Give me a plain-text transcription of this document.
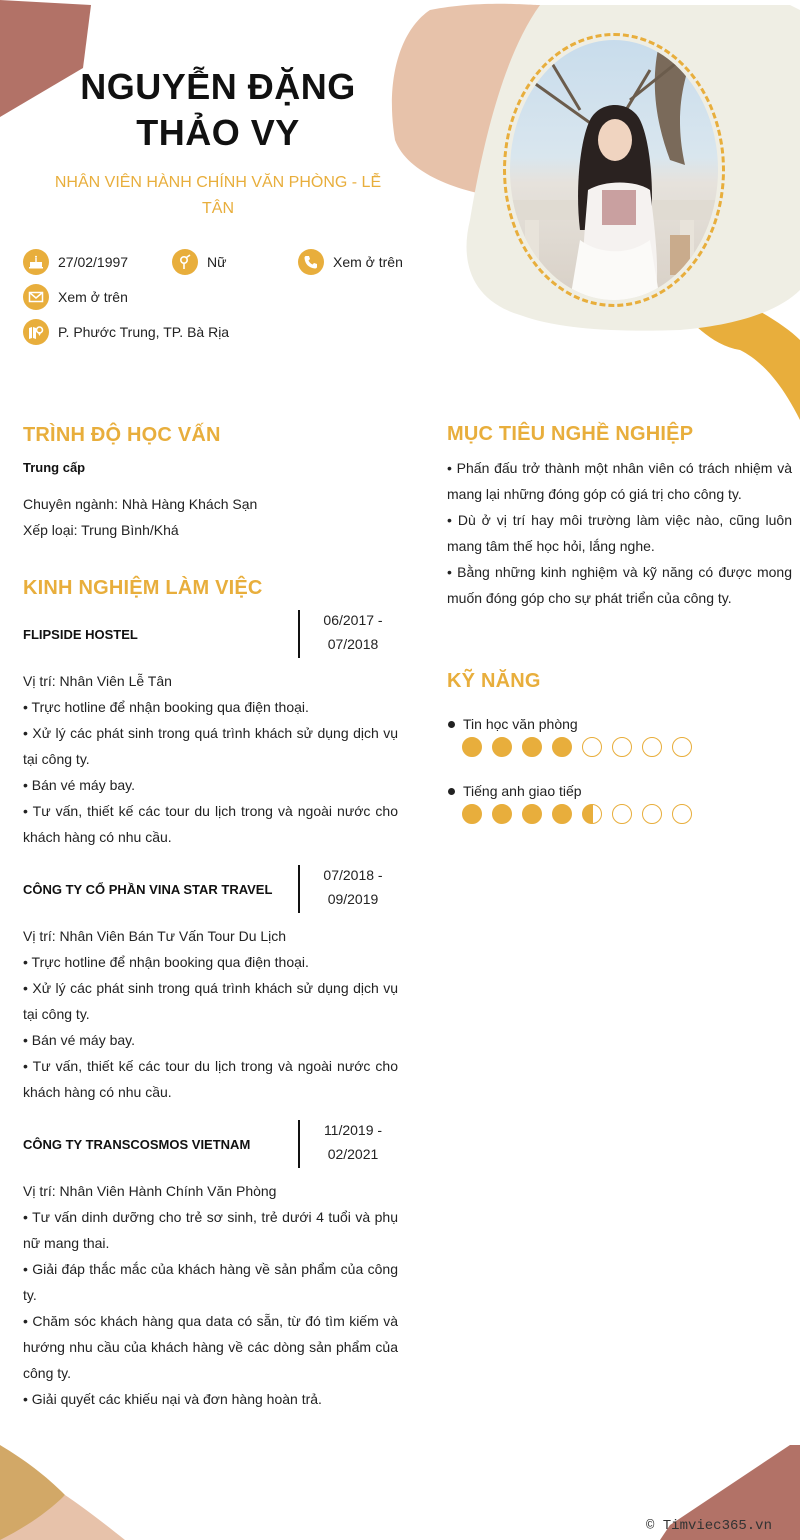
NGUYỄN ĐẶNG
THẢO VY
NHÂN VIÊN HÀNH CHÍNH VĂN PHÒNG - LỄ TÂN
27/02/1997	Nữ	Xem ở trên
Xem ở trên
P. Phước Trung, TP. Bà Rịa
TRÌNH ĐỘ HỌC VẤN
Trung cấp
Chuyên ngành: Nhà Hàng Khách Sạn
Xếp loại: Trung Bình/Khá
KINH NGHIỆM LÀM VIỆC
FLIPSIDE HOSTEL
06/2017 -
07/2018
Vị trí: Nhân Viên Lễ Tân
• Trực hotline để nhận booking qua điện thoại.
• Xử lý các phát sinh trong quá trình khách sử dụng dịch vụ tại công ty.
• Bán vé máy bay.
• Tư vấn, thiết kế các tour du lịch trong và ngoài nước cho khách hàng có nhu cầu.
CÔNG TY CỔ PHẦN VINA STAR TRAVEL
07/2018 -
09/2019
Vị trí: Nhân Viên Bán Tư Vấn Tour Du Lịch
• Trực hotline để nhận booking qua điện thoại.
• Xử lý các phát sinh trong quá trình khách sử dụng dịch vụ tại công ty.
• Bán vé máy bay.
• Tư vấn, thiết kế các tour du lịch trong và ngoài nước cho khách hàng có nhu cầu.
CÔNG TY TRANSCOSMOS VIETNAM
11/2019 -
02/2021
Vị trí: Nhân Viên Hành Chính Văn Phòng
• Tư vấn dinh dưỡng cho trẻ sơ sinh, trẻ dưới 4 tuổi và phụ nữ mang thai.
• Giải đáp thắc mắc của khách hàng về sản phẩm của công ty.
• Chăm sóc khách hàng qua data có sẵn, từ đó tìm kiếm và hướng nhu cầu của khách hàng về các dòng sản phẩm của công ty.
• Giải quyết các khiếu nại và đơn hàng hoàn trả.
MỤC TIÊU NGHỀ NGHIỆP
• Phấn đấu trở thành một nhân viên có trách nhiệm và mang lại những đóng góp có giá trị cho công ty.
• Dù ở vị trí hay môi trường làm việc nào, cũng luôn mang tâm thế học hỏi, lắng nghe.
• Bằng những kinh nghiệm và kỹ năng có được mong muốn đóng góp cho sự phát triển của công ty.
KỸ NĂNG
Tin học văn phòng
Tiếng anh giao tiếp
© Timviec365.vn
